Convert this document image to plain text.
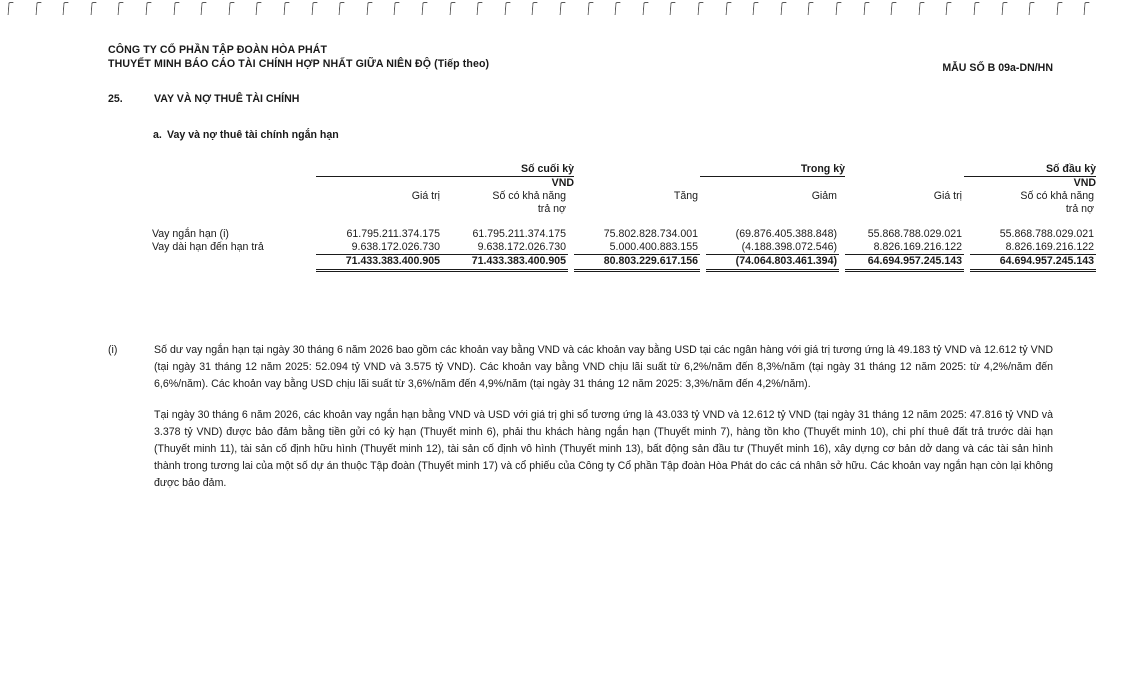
CÔNG TY CỔ PHẦN TẬP ĐOÀN HÒA PHÁT
THUYẾT MINH BÁO CÁO TÀI CHÍNH HỢP NHẤT GIỮA NIÊN ĐỘ (Tiếp theo)	MẪU SỐ B 09a-DN/HN
25.	VAY VÀ NỢ THUÊ TÀI CHÍNH
a. Vay và nợ thuê tài chính ngắn hạn
	Số cuối kỳ				Trong kỳ				Số đầu kỳ		
	VND								VND		
	Giá trị	Số có khả năng		Tăng		Giảm		Giá trị		Số có khả năng	
		trả nợ								trả nợ	

Vay ngắn hạn (i)	61.795.211.374.175	61.795.211.374.175		75.802.828.734.001		(69.876.405.388.848)		55.868.788.029.021		55.868.788.029.021	
Vay dài hạn đến hạn trả	9.638.172.026.730	9.638.172.026.730		5.000.400.883.155		(4.188.398.072.546)		8.826.169.216.122		8.826.169.216.122	
	71.433.383.400.905	71.433.383.400.905		80.803.229.617.156		(74.064.803.461.394)		64.694.957.245.143		64.694.957.245.143	
(i)	Số dư vay ngắn hạn tại ngày 30 tháng 6 năm 2026 bao gồm các khoản vay bằng VND và các khoản vay bằng USD tại các ngân hàng với giá trị tương ứng là 49.183 tỷ VND và 12.612 tỷ VND (tại ngày 31 tháng 12 năm 2025: 52.094 tỷ VND và 3.575 tỷ VND). Các khoản vay bằng VND chịu lãi suất từ 6,2%/năm đến 8,3%/năm (tại ngày 31 tháng 12 năm 2025: từ 4,2%/năm đến 6,6%/năm). Các khoản vay bằng USD chịu lãi suất từ 3,6%/năm đến 4,9%/năm (tại ngày 31 tháng 12 năm 2025: 3,3%/năm đến 4,2%/năm).

Tại ngày 30 tháng 6 năm 2026, các khoản vay ngắn hạn bằng VND và USD với giá trị ghi sổ tương ứng là 43.033 tỷ VND và 12.612 tỷ VND (tại ngày 31 tháng 12 năm 2025: 47.816 tỷ VND và 3.378 tỷ VND) được bảo đảm bằng tiền gửi có kỳ hạn (Thuyết minh 6), phải thu khách hàng ngắn hạn (Thuyết minh 7), hàng tồn kho (Thuyết minh 10), chi phí thuê đất trả trước dài hạn (Thuyết minh 11), tài sản cố định hữu hình (Thuyết minh 12), tài sản cố định vô hình (Thuyết minh 13), bất động sản đầu tư (Thuyết minh 16), xây dựng cơ bản dở dang và các tài sản hình thành trong tương lai của một số dự án thuộc Tập đoàn (Thuyết minh 17) và cổ phiếu của Công ty Cổ phần Tập đoàn Hòa Phát do các cá nhân sở hữu. Các khoản vay ngắn hạn còn lại không được bảo đảm.
